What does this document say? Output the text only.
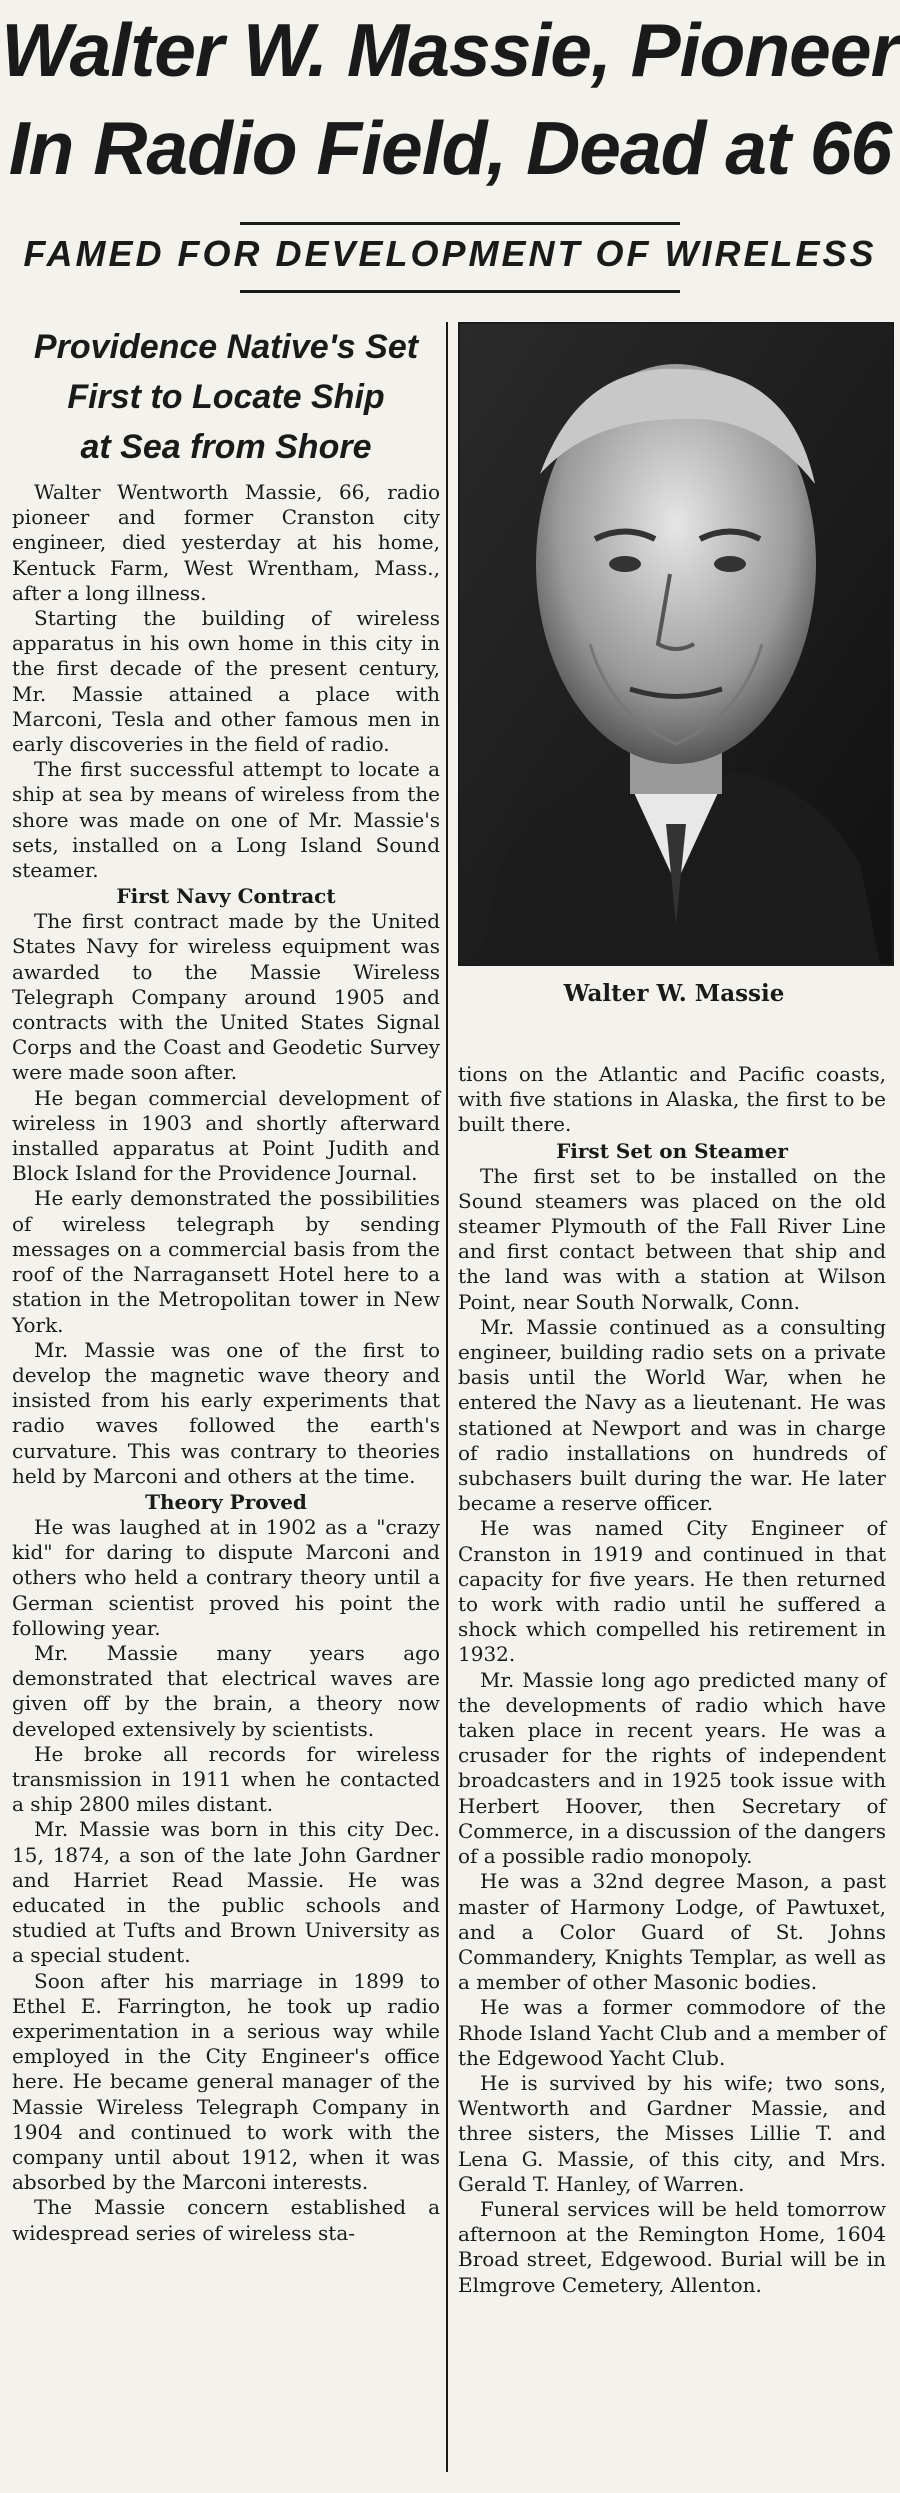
Walter W. Massie, Pioneer
In Radio Field, Dead at 66
FAMED FOR DEVELOPMENT OF WIRELESS
Providence Native's Set
First to Locate Ship
at Sea from Shore

Walter Wentworth Massie, 66, radio pioneer and former Cranston city engineer, died yesterday at his home, Kentuck Farm, West Wrentham, Mass., after a long illness.

Starting the building of wireless apparatus in his own home in this city in the first decade of the present century, Mr. Massie attained a place with Marconi, Tesla and other famous men in early discoveries in the field of radio.

The first successful attempt to locate a ship at sea by means of wireless from the shore was made on one of Mr. Massie's sets, installed on a Long Island Sound steamer.

First Navy Contract

The first contract made by the United States Navy for wireless equipment was awarded to the Massie Wireless Telegraph Company around 1905 and contracts with the United States Signal Corps and the Coast and Geodetic Survey were made soon after.

He began commercial development of wireless in 1903 and shortly afterward installed apparatus at Point Judith and Block Island for the Providence Journal.

He early demonstrated the possibilities of wireless telegraph by sending messages on a commercial basis from the roof of the Narragansett Hotel here to a station in the Metropolitan tower in New York.

Mr. Massie was one of the first to develop the magnetic wave theory and insisted from his early experiments that radio waves followed the earth's curvature. This was contrary to theories held by Marconi and others at the time.

Theory Proved

He was laughed at in 1902 as a "crazy kid" for daring to dispute Marconi and others who held a contrary theory until a German scientist proved his point the following year.

Mr. Massie many years ago demonstrated that electrical waves are given off by the brain, a theory now developed extensively by scientists.

He broke all records for wireless transmission in 1911 when he contacted a ship 2800 miles distant.

Mr. Massie was born in this city Dec. 15, 1874, a son of the late John Gardner and Harriet Read Massie. He was educated in the public schools and studied at Tufts and Brown University as a special student.

Soon after his marriage in 1899 to Ethel E. Farrington, he took up radio experimentation in a serious way while employed in the City Engineer's office here. He became general manager of the Massie Wireless Telegraph Company in 1904 and continued to work with the company until about 1912, when it was absorbed by the Marconi interests.

The Massie concern established a widespread series of wireless sta-

Walter W. Massie

tions on the Atlantic and Pacific coasts, with five stations in Alaska, the first to be built there.

First Set on Steamer

The first set to be installed on the Sound steamers was placed on the old steamer Plymouth of the Fall River Line and first contact between that ship and the land was with a station at Wilson Point, near South Norwalk, Conn.

Mr. Massie continued as a consulting engineer, building radio sets on a private basis until the World War, when he entered the Navy as a lieutenant. He was stationed at Newport and was in charge of radio installations on hundreds of subchasers built during the war. He later became a reserve officer.

He was named City Engineer of Cranston in 1919 and continued in that capacity for five years. He then returned to work with radio until he suffered a shock which compelled his retirement in 1932.

Mr. Massie long ago predicted many of the developments of radio which have taken place in recent years. He was a crusader for the rights of independent broadcasters and in 1925 took issue with Herbert Hoover, then Secretary of Commerce, in a discussion of the dangers of a possible radio monopoly.

He was a 32nd degree Mason, a past master of Harmony Lodge, of Pawtuxet, and a Color Guard of St. Johns Commandery, Knights Templar, as well as a member of other Masonic bodies.

He was a former commodore of the Rhode Island Yacht Club and a member of the Edgewood Yacht Club.

He is survived by his wife; two sons, Wentworth and Gardner Massie, and three sisters, the Misses Lillie T. and Lena G. Massie, of this city, and Mrs. Gerald T. Hanley, of Warren.

Funeral services will be held tomorrow afternoon at the Remington Home, 1604 Broad street, Edgewood. Burial will be in Elmgrove Cemetery, Allenton.
